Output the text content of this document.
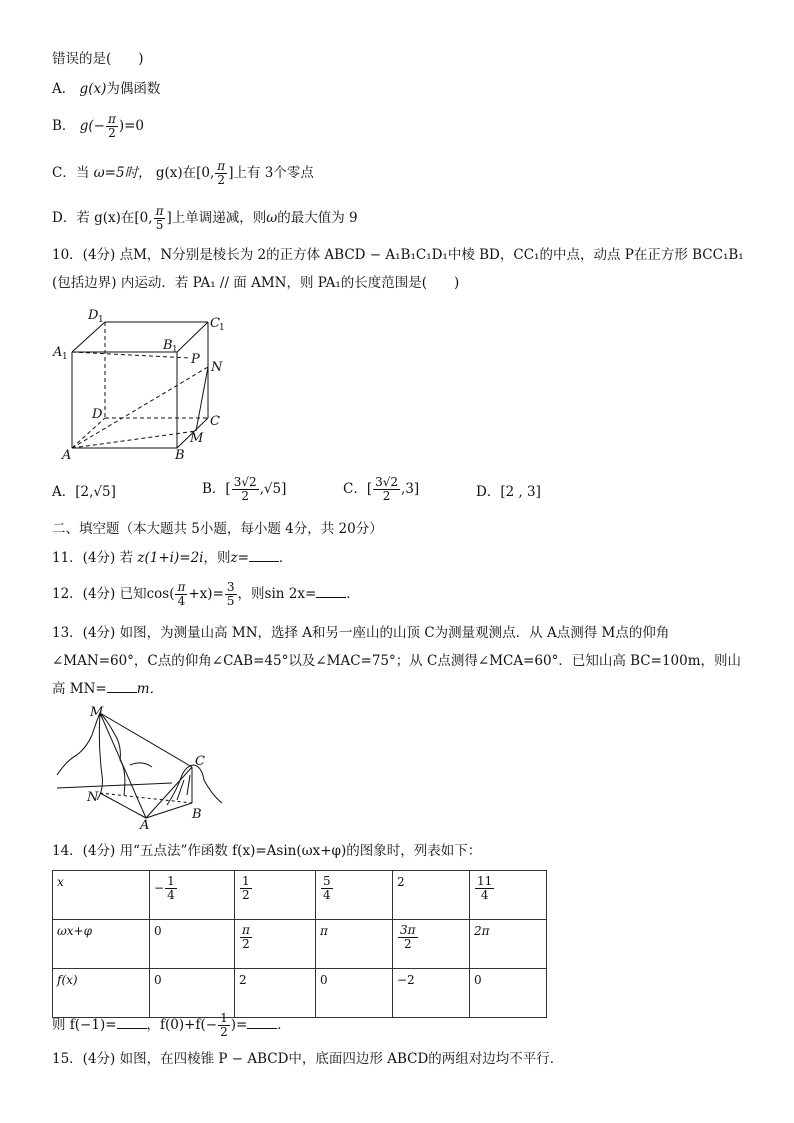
错误的是(　　)
A． g(x)为偶函数
B． $g(- \frac{\pi}{2} )=0$
C．当 ω=5时， g(x)在[0, $\frac{\pi}{2}$ ]上有 3个零点
D．若 g(x)在[0, $\frac{\pi}{5}$ ]上单调递减，则ω的最大值为 9
10．(4分) 点M，N分别是棱长为 2的正方体 ABCD − A₁B₁C₁D₁中棱 BD，CC₁的中点，动点 P在正方形 BCC₁B₁
(包括边界) 内运动．若 PA₁ // 面 AMN，则 PA₁的长度范围是(　　)
D 1	C 1
A 1
B 1
P
N
D	C
M
A	B
A．[2,√5]	B．[ $\frac{3√2}{2} ,√5$]	C．[ $\frac{3√2}{2} ,3$]	D．[2 , 3]
二、填空题（本大题共 5小题，每小题 4分，共 20分）
11．(4分) 若 z(1+i)=2i，则z= ．
12．(4分) 已知$\cos( \frac{\pi}{4} +x)= \frac{3}{5}$ ，则sin 2x= ．
13．(4分) 如图，为测量山高 MN，选择 A和另一座山的山顶 C为测量观测点．从 A点测得 M点的仰角
∠MAN=60°，C点的仰角∠CAB=45°以及∠MAC=75°；从 C点测得∠MCA=60°．已知山高 BC=100m，则山
高 MN= m．
M
N
A
B
C
14．(4分) 用“五点法”作函数 f(x)=Asin(ωx+φ)的图象时，列表如下：
x	− $\frac{1}{4}$	$\frac{1}{2}$	$\frac{5}{4}$	2	$\frac{11}{4}$

ωx+φ	0	$\frac{\pi}{2}$	π	$\frac{3\pi}{2}$	2π
f(x)	0	2	0	−2	0
则 f(−1)= ，$f(0)+f(- \frac{1}{2}$ )= ．
15．(4分) 如图，在四棱锥 P − ABCD中，底面四边形 ABCD的两组对边均不平行．
